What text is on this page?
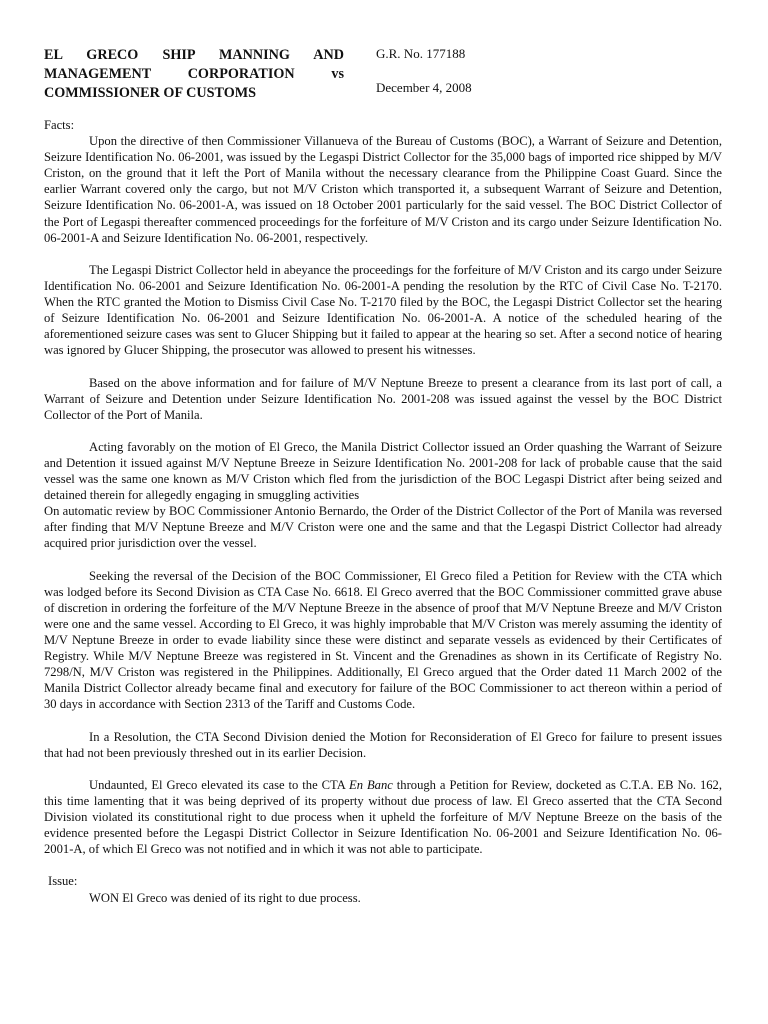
EL GRECO SHIP MANNING AND MANAGEMENT CORPORATION vs COMMISSIONER OF CUSTOMS

G.R. No. 177188

December 4, 2008

Facts:

Upon the directive of then Commissioner Villanueva of the Bureau of Customs (BOC), a Warrant of Seizure and Detention, Seizure Identification No. 06-2001, was issued by the Legaspi District Collector for the 35,000 bags of imported rice shipped by M/V Criston, on the ground that it left the Port of Manila without the necessary clearance from the Philippine Coast Guard. Since the earlier Warrant covered only the cargo, but not M/V Criston which transported it, a subsequent Warrant of Seizure and Detention, Seizure Identification No. 06-2001-A, was issued on 18 October 2001 particularly for the said vessel. The BOC District Collector of the Port of Legaspi thereafter commenced proceedings for the forfeiture of M/V Criston and its cargo under Seizure Identification No. 06-2001-A and Seizure Identification No. 06-2001, respectively.

The Legaspi District Collector held in abeyance the proceedings for the forfeiture of M/V Criston and its cargo under Seizure Identification No. 06-2001 and Seizure Identification No. 06-2001-A pending the resolution by the RTC of Civil Case No. T-2170. When the RTC granted the Motion to Dismiss Civil Case No. T-2170 filed by the BOC, the Legaspi District Collector set the hearing of Seizure Identification No. 06-2001 and Seizure Identification No. 06-2001-A. A notice of the scheduled hearing of the aforementioned seizure cases was sent to Glucer Shipping but it failed to appear at the hearing so set. After a second notice of hearing was ignored by Glucer Shipping, the prosecutor was allowed to present his witnesses.

Based on the above information and for failure of M/V Neptune Breeze to present a clearance from its last port of call, a Warrant of Seizure and Detention under Seizure Identification No. 2001-208 was issued against the vessel by the BOC District Collector of the Port of Manila.

Acting favorably on the motion of El Greco, the Manila District Collector issued an Order quashing the Warrant of Seizure and Detention it issued against M/V Neptune Breeze in Seizure Identification No. 2001-208 for lack of probable cause that the said vessel was the same one known as M/V Criston which fled from the jurisdiction of the BOC Legaspi District after being seized and detained therein for allegedly engaging in smuggling activities

On automatic review by BOC Commissioner Antonio Bernardo, the Order of the District Collector of the Port of Manila was reversed after finding that M/V Neptune Breeze and M/V Criston were one and the same and that the Legaspi District Collector had already acquired prior jurisdiction over the vessel.

Seeking the reversal of the Decision of the BOC Commissioner, El Greco filed a Petition for Review with the CTA which was lodged before its Second Division as CTA Case No. 6618. El Greco averred that the BOC Commissioner committed grave abuse of discretion in ordering the forfeiture of the M/V Neptune Breeze in the absence of proof that M/V Neptune Breeze and M/V Criston were one and the same vessel. According to El Greco, it was highly improbable that M/V Criston was merely assuming the identity of M/V Neptune Breeze in order to evade liability since these were distinct and separate vessels as evidenced by their Certificates of Registry. While M/V Neptune Breeze was registered in St. Vincent and the Grenadines as shown in its Certificate of Registry No. 7298/N, M/V Criston was registered in the Philippines. Additionally, El Greco argued that the Order dated 11 March 2002 of the Manila District Collector already became final and executory for failure of the BOC Commissioner to act thereon within a period of 30 days in accordance with Section 2313 of the Tariff and Customs Code.

In a Resolution, the CTA Second Division denied the Motion for Reconsideration of El Greco for failure to present issues that had not been previously threshed out in its earlier Decision.

Undaunted, El Greco elevated its case to the CTA En Banc through a Petition for Review, docketed as C.T.A. EB No. 162, this time lamenting that it was being deprived of its property without due process of law. El Greco asserted that the CTA Second Division violated its constitutional right to due process when it upheld the forfeiture of M/V Neptune Breeze on the basis of the evidence presented before the Legaspi District Collector in Seizure Identification No. 06-2001 and Seizure Identification No. 06-2001-A, of which El Greco was not notified and in which it was not able to participate.

Issue:

WON El Greco was denied of its right to due process.
